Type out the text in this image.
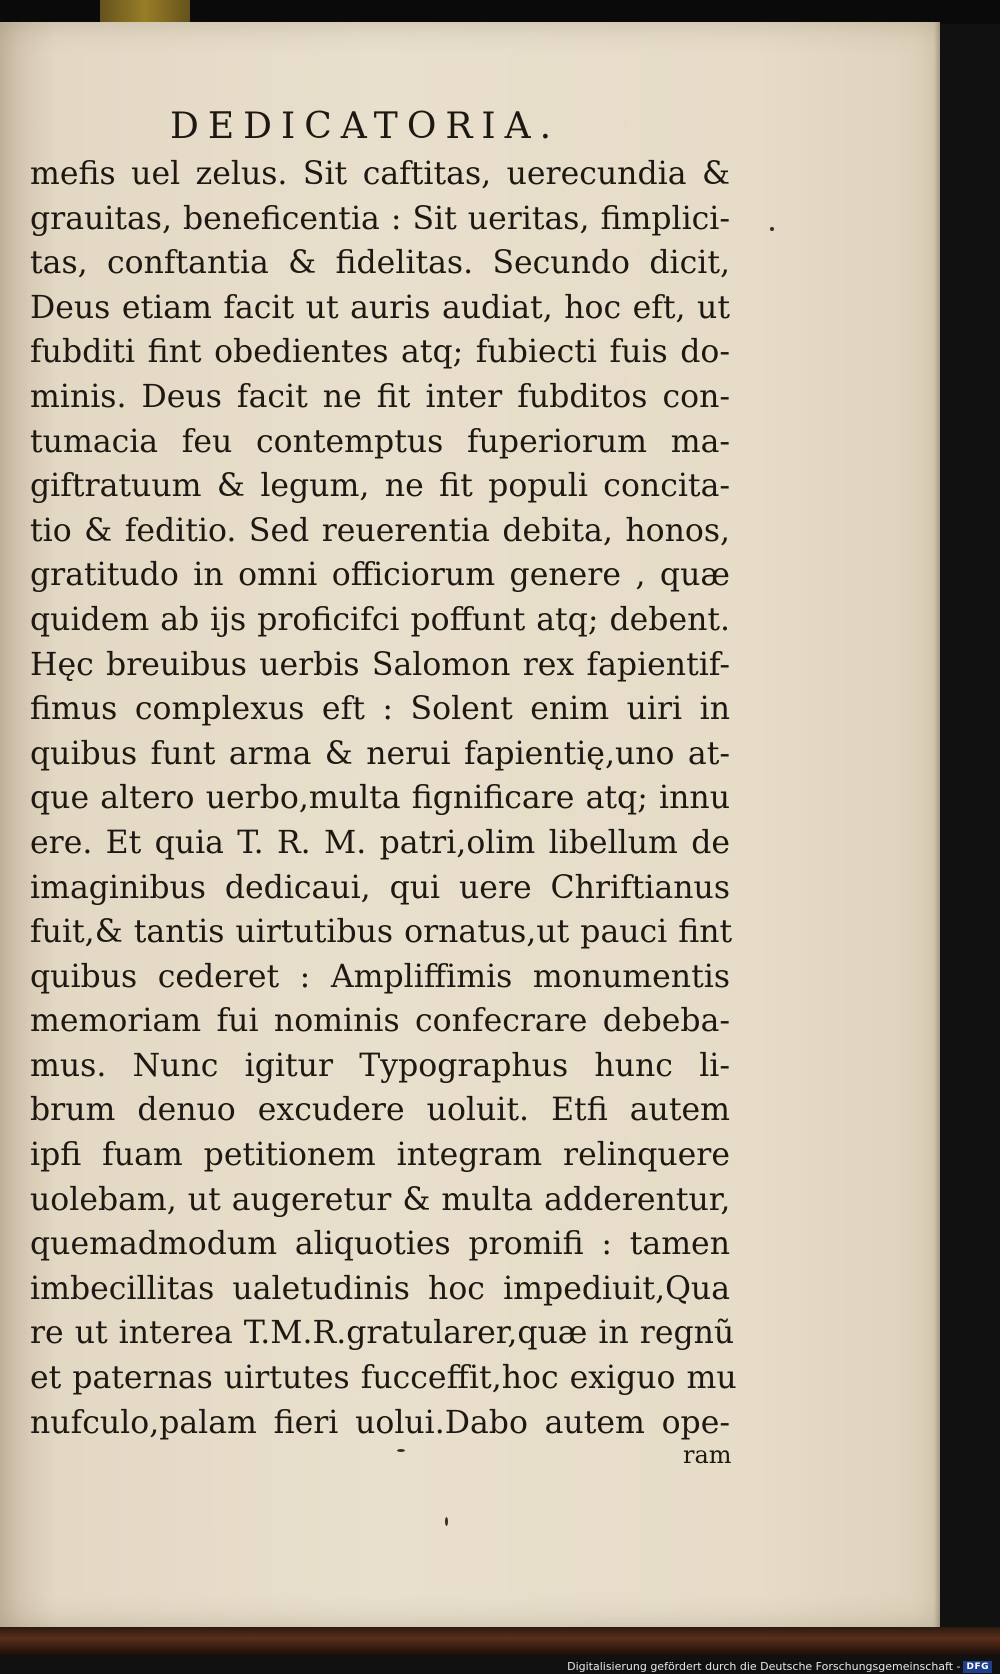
DEDICATORIA.
mefis uel zelus. Sit caftitas, uerecundia &
grauitas, beneficentia : Sit ueritas, fimplici-
tas, conftantia & fidelitas. Secundo dicit,
Deus etiam facit ut auris audiat, hoc eft, ut
fubditi fint obedientes atq; fubiecti fuis do-
minis. Deus facit ne fit inter fubditos con-
tumacia feu contemptus fuperiorum ma-
giftratuum & legum, ne fit populi concita-
tio & feditio. Sed reuerentia debita, honos,
gratitudo in omni officiorum genere , quæ
quidem ab ijs proficifci poffunt atq; debent.
Hęc breuibus uerbis Salomon rex fapientif-
fimus complexus eft : Solent enim uiri in
quibus funt arma & nerui fapientię,uno at-
que altero uerbo,multa fignificare atq; innu
ere. Et quia T. R. M. patri,olim libellum de
imaginibus dedicaui, qui uere Chriftianus
fuit,& tantis uirtutibus ornatus,ut pauci fint
quibus cederet : Ampliffimis monumentis
memoriam fui nominis confecrare debeba-
mus. Nunc igitur Typographus hunc li-
brum denuo excudere uoluit. Etfi autem
ipfi fuam petitionem integram relinquere
uolebam, ut augeretur & multa adderentur,
quemadmodum aliquoties promifi : tamen
imbecillitas ualetudinis hoc impediuit,Qua
re ut interea T.M.R.gratularer,quæ in regnũ
et paternas uirtutes fucceffit,hoc exiguo mu
nufculo,palam fieri uolui.Dabo autem ope-
ram
Digitalisierung gefördert durch die Deutsche Forschungsgemeinschaft - DFG
